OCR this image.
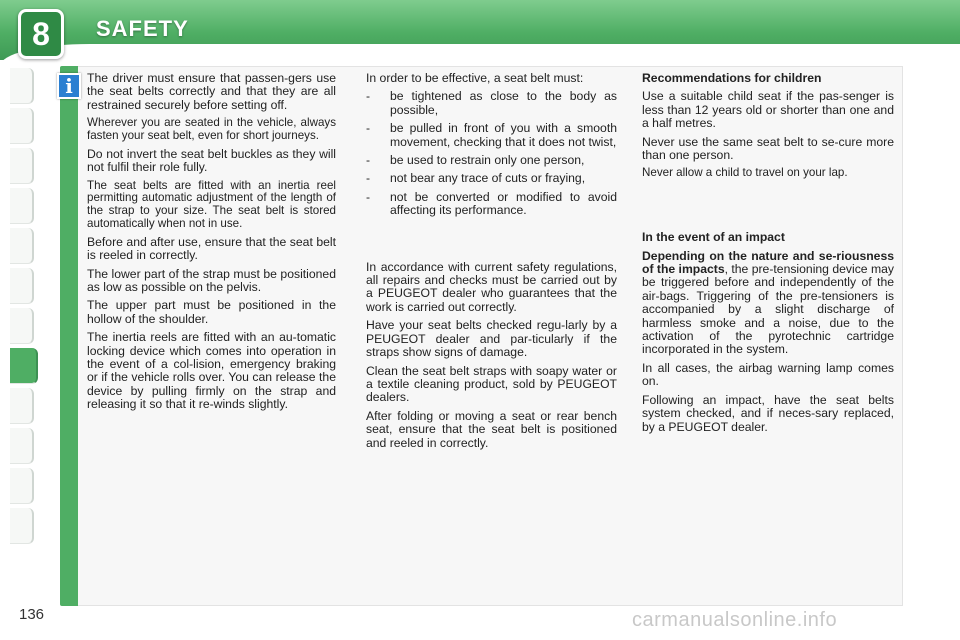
8	SAFETY
i	The driver must ensure that passen-gers use the seat belts correctly and that they are all restrained securely before setting off.

Wherever you are seated in the vehicle, always fasten your seat belt, even for short journeys.

Do not invert the seat belt buckles as they will not fulfil their role fully.

The seat belts are fitted with an inertia reel permitting automatic adjustment of the length of the strap to your size. The seat belt is stored automatically when not in use.

Before and after use, ensure that the seat belt is reeled in correctly.

The lower part of the strap must be positioned as low as possible on the pelvis.

The upper part must be positioned in the hollow of the shoulder.

The inertia reels are fitted with an au-tomatic locking device which comes into operation in the event of a col-lision, emergency braking or if the vehicle rolls over. You can release the device by pulling firmly on the strap and releasing it so that it re-winds slightly.

In order to be effective, a seat belt must:

- be tightened as close to the body as possible,
- be pulled in front of you with a smooth movement, checking that it does not twist,
- be used to restrain only one person,
- not bear any trace of cuts or fraying,
- not be converted or modified to avoid affecting its performance.

In accordance with current safety regulations, all repairs and checks must be carried out by a PEUGEOT dealer who guarantees that the work is carried out correctly.

Have your seat belts checked regu-larly by a PEUGEOT dealer and par-ticularly if the straps show signs of damage.

Clean the seat belt straps with soapy water or a textile cleaning product, sold by PEUGEOT dealers.

After folding or moving a seat or rear bench seat, ensure that the seat belt is positioned and reeled in correctly.

Recommendations for children

Use a suitable child seat if the pas-senger is less than 12 years old or shorter than one and a half metres.

Never use the same seat belt to se-cure more than one person.

Never allow a child to travel on your lap.

In the event of an impact

Depending on the nature and se-riousness of the impacts, the pre-tensioning device may be triggered before and independently of the air-bags. Triggering of the pre-tensioners is accompanied by a slight discharge of harmless smoke and a noise, due to the activation of the pyrotechnic cartridge incorporated in the system.

In all cases, the airbag warning lamp comes on.

Following an impact, have the seat belts system checked, and if neces-sary replaced, by a PEUGEOT dealer.

136	carmanualsonline.info
